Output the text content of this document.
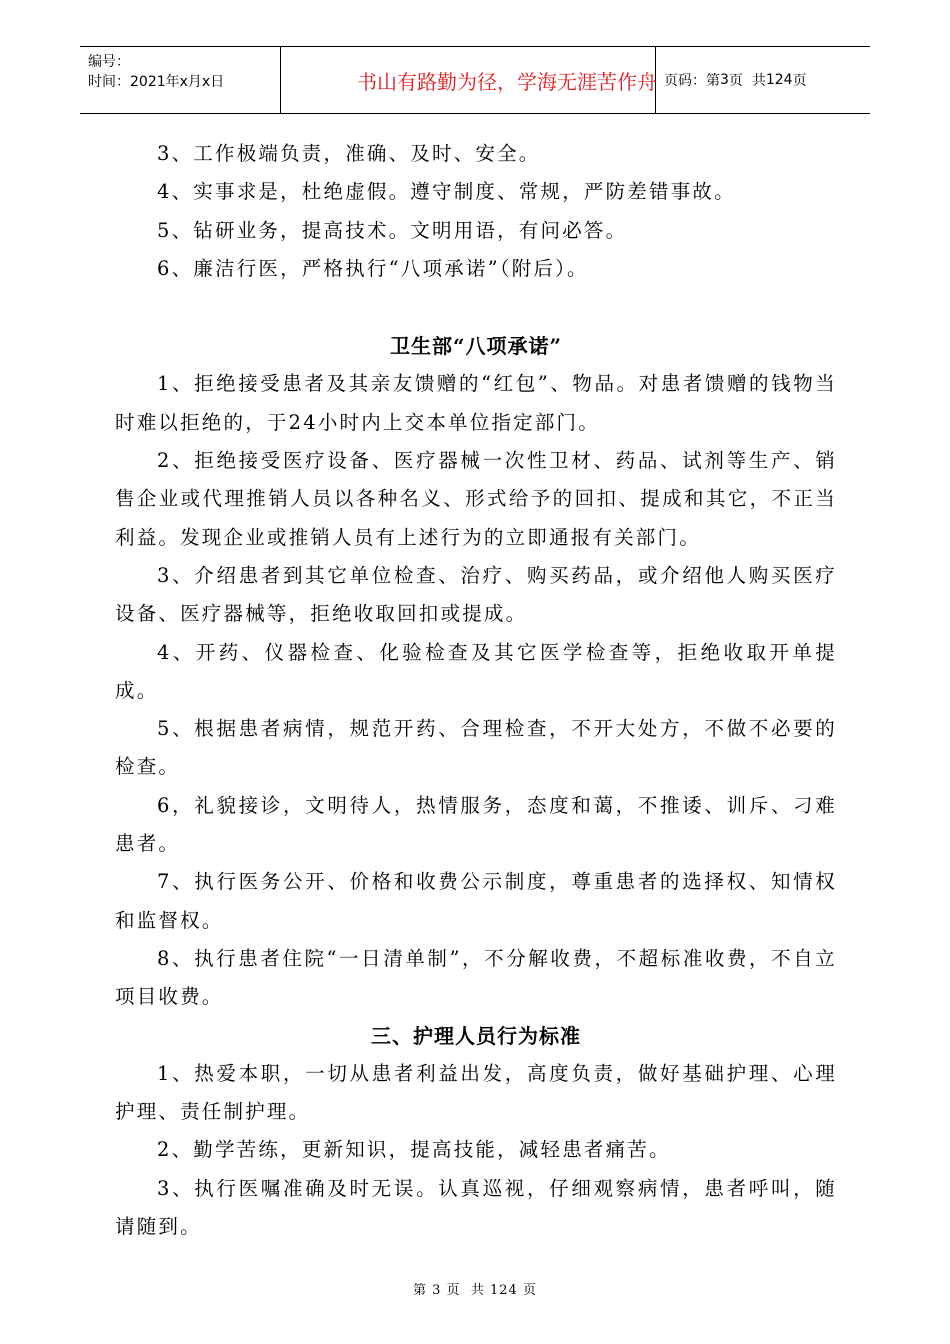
编号：
时间：2021年x月x日	书山有路勤为径，学海无涯苦作舟 页码：第 3 页  共 124 页

3、工作极端负责，准确、及时、安全。

4、实事求是，杜绝虚假。遵守制度、常规，严防差错事故。

5、钻研业务，提高技术。文明用语，有问必答。

6、廉洁行医，严格执行“八项承诺”（附后）。

卫生部“八项承诺”

1、拒绝接受患者及其亲友馈赠的“红包”、物品。对患者馈赠的钱物当时难以拒绝的，于24小时内上交本单位指定部门。

2、拒绝接受医疗设备、医疗器械一次性卫材、药品、试剂等生产、销售企业或代理推销人员以各种名义、形式给予的回扣、提成和其它，不正当利益。发现企业或推销人员有上述行为的立即通报有关部门。

3、介绍患者到其它单位检查、治疗、购买药品，或介绍他人购买医疗设备、医疗器械等，拒绝收取回扣或提成。

4、开药、仪器检查、化验检查及其它医学检查等，拒绝收取开单提成。

5、根据患者病情，规范开药、合理检查，不开大处方，不做不必要的检查。

6，礼貌接诊，文明待人，热情服务，态度和蔼，不推诿、训斥、刁难患者。

7、执行医务公开、价格和收费公示制度，尊重患者的选择权、知情权和监督权。

8、执行患者住院“一日清单制”，不分解收费，不超标准收费，不自立项目收费。

三、护理人员行为标准

1、热爱本职，一切从患者利益出发，高度负责，做好基础护理、心理护理、责任制护理。

2、勤学苦练，更新知识，提高技能，减轻患者痛苦。

3、执行医嘱准确及时无误。认真巡视，仔细观察病情，患者呼叫，随请随到。

第 3 页  共 124 页
